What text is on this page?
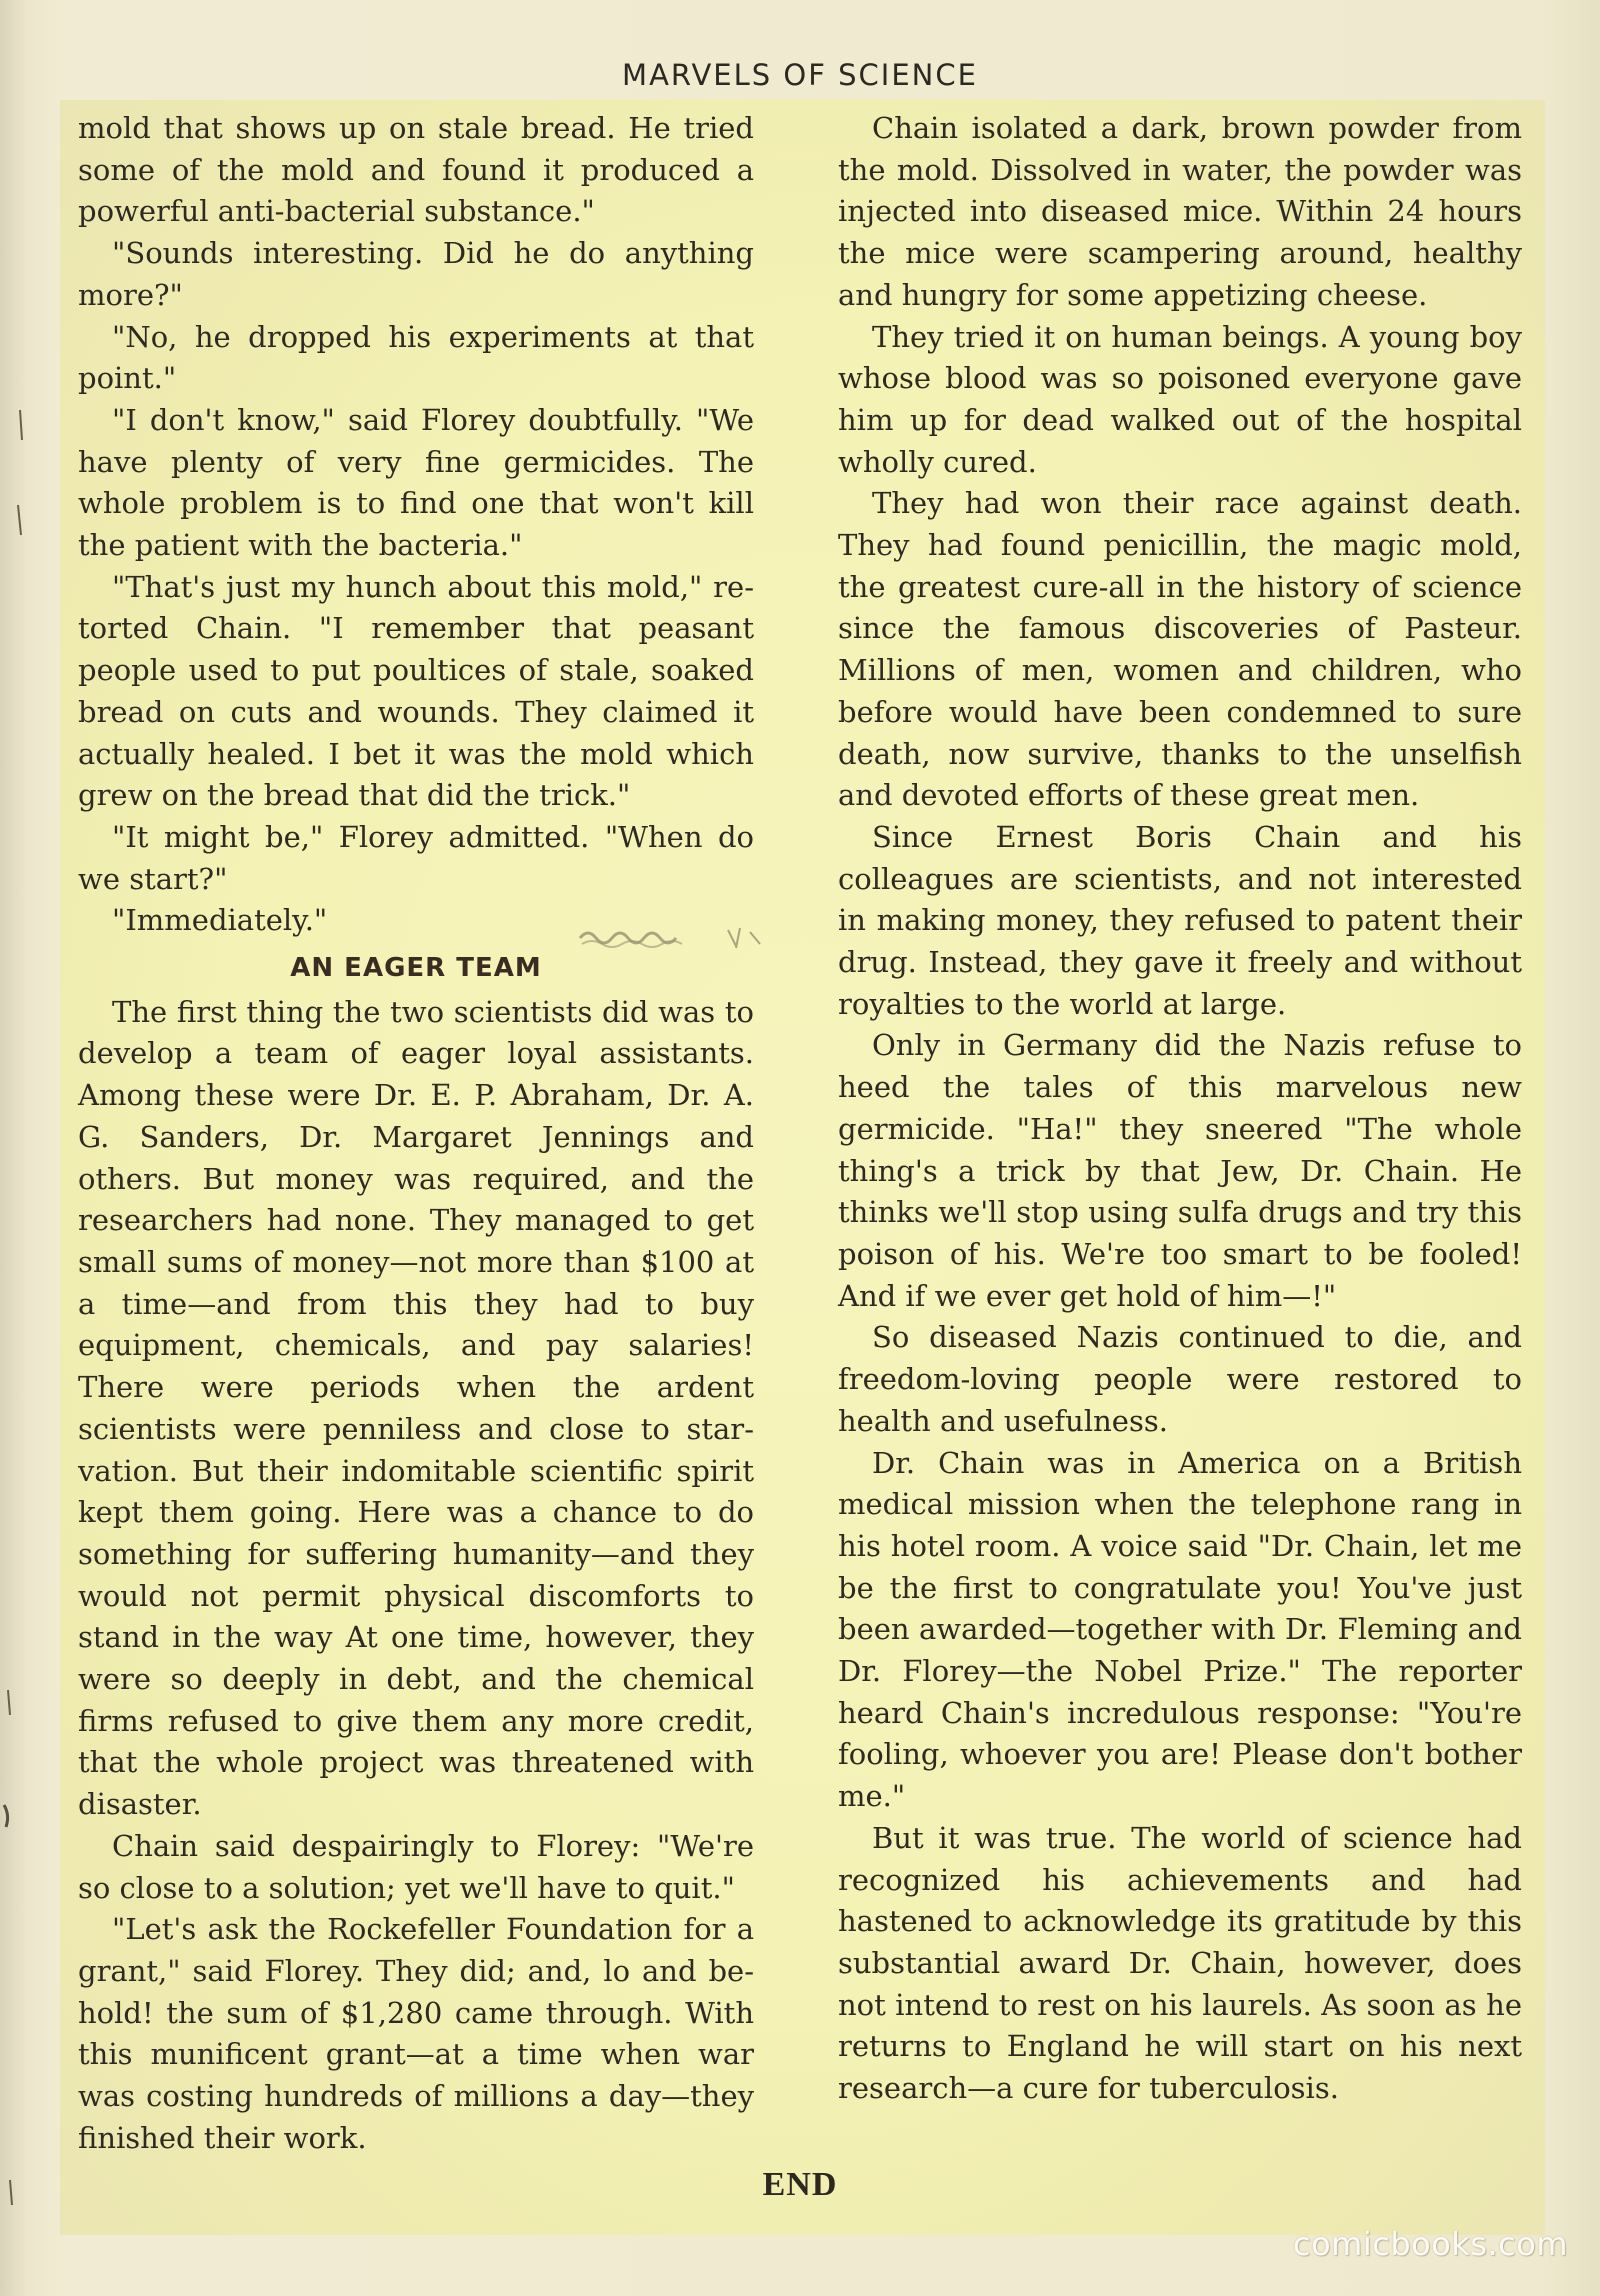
MARVELS OF SCIENCE

mold that shows up on stale bread. He tried some of the mold and found it produced a powerful anti-bacterial substance."

"Sounds interesting. Did he do anything more?"

"No, he dropped his experiments at that point."

"I don't know," said Florey doubtfully. "We have plenty of very fine germicides. The whole problem is to find one that won't kill the patient with the bacteria."

"That's just my hunch about this mold," retorted Chain. "I remember that peasant people used to put poultices of stale, soaked bread on cuts and wounds. They claimed it actually healed. I bet it was the mold which grew on the bread that did the trick."

"It might be," Florey admitted. "When do we start?"

"Immediately."

AN EAGER TEAM

The first thing the two scientists did was to develop a team of eager loyal assistants. Among these were Dr. E. P. Abraham, Dr. A. G. Sanders, Dr. Margaret Jennings and others. But money was required, and the researchers had none. They managed to get small sums of money—not more than $100 at a time—and from this they had to buy equipment, chemicals, and pay salaries! There were periods when the ardent scientists were penniless and close to starvation. But their indomitable scientific spirit kept them going. Here was a chance to do something for suffering humanity—and they would not permit physical discomforts to stand in the way At one time, however, they were so deeply in debt, and the chemical firms refused to give them any more credit, that the whole project was threatened with disaster.

Chain said despairingly to Florey: "We're so close to a solution; yet we'll have to quit."

"Let's ask the Rockefeller Foundation for a grant," said Florey. They did; and, lo and behold! the sum of $1,280 came through. With this munificent grant—at a time when war was costing hundreds of millions a day—they finished their work.

Chain isolated a dark, brown powder from the mold. Dissolved in water, the powder was injected into diseased mice. Within 24 hours the mice were scampering around, healthy and hungry for some appetizing cheese.

They tried it on human beings. A young boy whose blood was so poisoned everyone gave him up for dead walked out of the hospital wholly cured.

They had won their race against death. They had found penicillin, the magic mold, the greatest cure-all in the history of science since the famous discoveries of Pasteur. Millions of men, women and children, who before would have been condemned to sure death, now survive, thanks to the unselfish and devoted efforts of these great men.

Since Ernest Boris Chain and his colleagues are scientists, and not interested in making money, they refused to patent their drug. Instead, they gave it freely and without royalties to the world at large.

Only in Germany did the Nazis refuse to heed the tales of this marvelous new germicide. "Ha!" they sneered "The whole thing's a trick by that Jew, Dr. Chain. He thinks we'll stop using sulfa drugs and try this poison of his. We're too smart to be fooled! And if we ever get hold of him—!"

So diseased Nazis continued to die, and freedom-loving people were restored to health and usefulness.

Dr. Chain was in America on a British medical mission when the telephone rang in his hotel room. A voice said "Dr. Chain, let me be the first to congratulate you! You've just been awarded—together with Dr. Fleming and Dr. Florey—the Nobel Prize." The reporter heard Chain's incredulous response: "You're fooling, whoever you are! Please don't bother me."

But it was true. The world of science had recognized his achievements and had hastened to acknowledge its gratitude by this substantial award Dr. Chain, however, does not intend to rest on his laurels. As soon as he returns to England he will start on his next research—a cure for tuberculosis.

END
comicbooks.com
